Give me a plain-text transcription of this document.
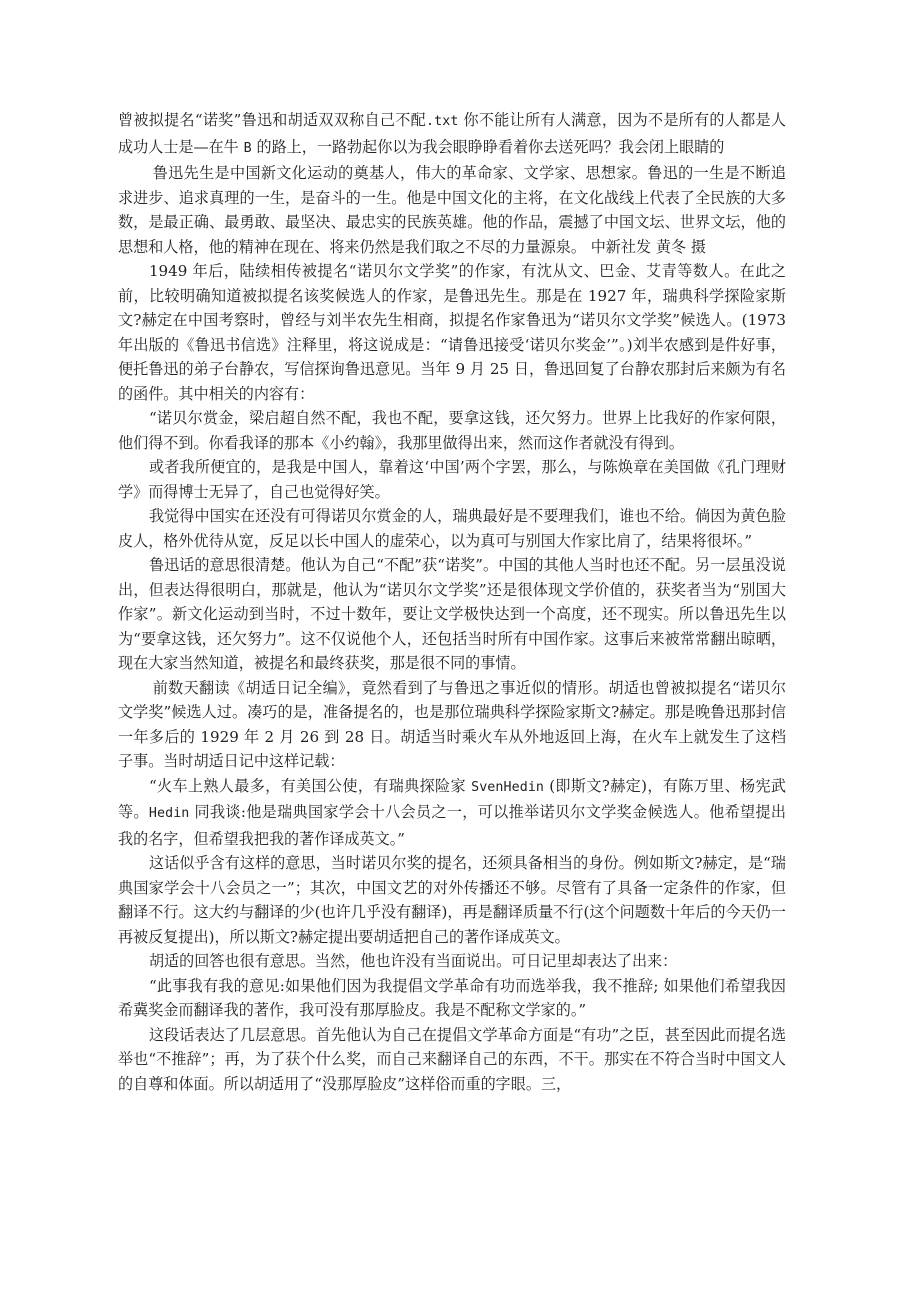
曾被拟提名“诺奖”鲁迅和胡适双双称自己不配.txt 你不能让所有人满意，因为不是所有的人都是人成功人士是—在牛 B 的路上，一路勃起你以为我会眼睁睁看着你去送死吗？我会闭上眼睛的

鲁迅先生是中国新文化运动的奠基人，伟大的革命家、文学家、思想家。鲁迅的一生是不断追求进步、追求真理的一生，是奋斗的一生。他是中国文化的主将，在文化战线上代表了全民族的大多数，是最正确、最勇敢、最坚决、最忠实的民族英雄。他的作品，震撼了中国文坛、世界文坛，他的思想和人格，他的精神在现在、将来仍然是我们取之不尽的力量源泉。 中新社发 黄冬 摄

1949 年后，陆续相传被提名“诺贝尔文学奖”的作家，有沈从文、巴金、艾青等数人。在此之前，比较明确知道被拟提名该奖候选人的作家，是鲁迅先生。那是在 1927 年，瑞典科学探险家斯文?赫定在中国考察时，曾经与刘半农先生相商，拟提名作家鲁迅为“诺贝尔文学奖”候选人。(1973 年出版的《鲁迅书信选》注释里，将这说成是：“请鲁迅接受‘诺贝尔奖金’”。)刘半农感到是件好事，便托鲁迅的弟子台静农，写信探询鲁迅意见。当年 9 月 25 日，鲁迅回复了台静农那封后来颇为有名的函件。其中相关的内容有：

“诺贝尔赏金，梁启超自然不配，我也不配，要拿这钱，还欠努力。世界上比我好的作家何限，他们得不到。你看我译的那本《小约翰》，我那里做得出来，然而这作者就没有得到。

或者我所便宜的，是我是中国人，靠着这‘中国’两个字罢，那么，与陈焕章在美国做《孔门理财学》而得博士无异了，自己也觉得好笑。

我觉得中国实在还没有可得诺贝尔赏金的人，瑞典最好是不要理我们，谁也不给。倘因为黄色脸皮人，格外优待从宽，反足以长中国人的虚荣心，以为真可与别国大作家比肩了，结果将很坏。”

鲁迅话的意思很清楚。他认为自己“不配”获“诺奖”。中国的其他人当时也还不配。另一层虽没说出，但表达得很明白，那就是，他认为“诺贝尔文学奖”还是很体现文学价值的，获奖者当为“别国大作家”。新文化运动到当时，不过十数年，要让文学极快达到一个高度，还不现实。所以鲁迅先生以为“要拿这钱，还欠努力”。这不仅说他个人，还包括当时所有中国作家。这事后来被常常翻出晾晒，现在大家当然知道，被提名和最终获奖，那是很不同的事情。

前数天翻读《胡适日记全编》，竟然看到了与鲁迅之事近似的情形。胡适也曾被拟提名“诺贝尔文学奖”候选人过。凑巧的是，准备提名的，也是那位瑞典科学探险家斯文?赫定。那是晚鲁迅那封信一年多后的 1929 年 2 月 26 到 28 日。胡适当时乘火车从外地返回上海，在火车上就发生了这档子事。当时胡适日记中这样记载：

“火车上熟人最多，有美国公使，有瑞典探险家 SvenHedin (即斯文?赫定)，有陈万里、杨宪武等。Hedin 同我谈:他是瑞典国家学会十八会员之一，可以推举诺贝尔文学奖金候选人。他希望提出我的名字，但希望我把我的著作译成英文。”

这话似乎含有这样的意思，当时诺贝尔奖的提名，还须具备相当的身份。例如斯文?赫定，是“瑞典国家学会十八会员之一”；其次，中国文艺的对外传播还不够。尽管有了具备一定条件的作家，但翻译不行。这大约与翻译的少(也许几乎没有翻译)，再是翻译质量不行(这个问题数十年后的今天仍一再被反复提出)，所以斯文?赫定提出要胡适把自己的著作译成英文。

胡适的回答也很有意思。当然，他也许没有当面说出。可日记里却表达了出来：

“此事我有我的意见:如果他们因为我提倡文学革命有功而选举我，我不推辞; 如果他们希望我因希冀奖金而翻译我的著作，我可没有那厚脸皮。我是不配称文学家的。”

这段话表达了几层意思。首先他认为自己在提倡文学革命方面是“有功”之臣，甚至因此而提名选举也“不推辞”；再，为了获个什么奖，而自己来翻译自己的东西，不干。那实在不符合当时中国文人的自尊和体面。所以胡适用了“没那厚脸皮”这样俗而重的字眼。三，
